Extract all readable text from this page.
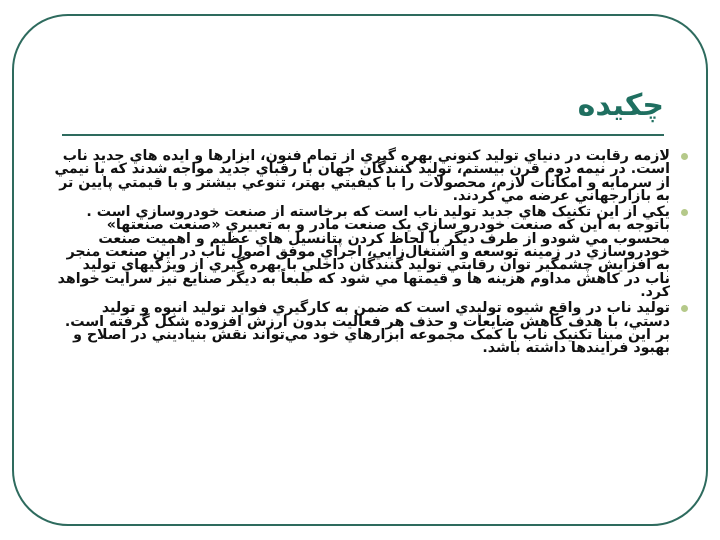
چکیده
لازمه رقابت در دنياي توليد کنوني بهره گيري از تمام فنون، ابزارها و ايده هاي جديد ناب است. در نيمه دوم قرن بيستم، توليد کنندگان جهان با رقباي جديد مواجه شدند که با نيمي از سرمايه و امکانات لازم، محصولات را با کيفيتي بهتر، تنوعي بيشتر و با قيمتي پايين تر به بازارجهاني عرضه مي کردند.
يکي از اين تکنيک هاي جديد توليد ناب است که برخاسته از صنعت خودروسازي است . باتوجه به اين که صنعت خودرو سازي يک صنعت مادر و به تعبيري «صنعت صنعتها» محسوب مي شودو از طرف ديگر با لحاظ کردن پتانسيل هاي عظيم و اهميت صنعت خودروسازي در زمينه توسعه و اشتغال‌زايي، اجراي موفق اصول ناب در اين صنعت منجر به افزايش چشمگير توان رقابتي توليد کنندگان داخلي با بهره گيري از ويژگيهاي توليد ناب در کاهش مداوم هزينه ها و قيمتها مي شود که طبعاً به ديگر صنايع نيز سرايت خواهد کرد.
توليد ناب در واقع شيوه توليدي است که ضمن به کارگيري فوايد توليد انبوه و توليد دستي، با هدف کاهش ضايعات و حذف هر فعاليت بدون ارزش افزوده شکل گرفته است. بر اين مبنا تکنيک ناب با کمک مجموعه ابزارهاي خود مي‌تواند نقش بنياديني در اصلاح و بهبود فرايندها داشته باشد.
